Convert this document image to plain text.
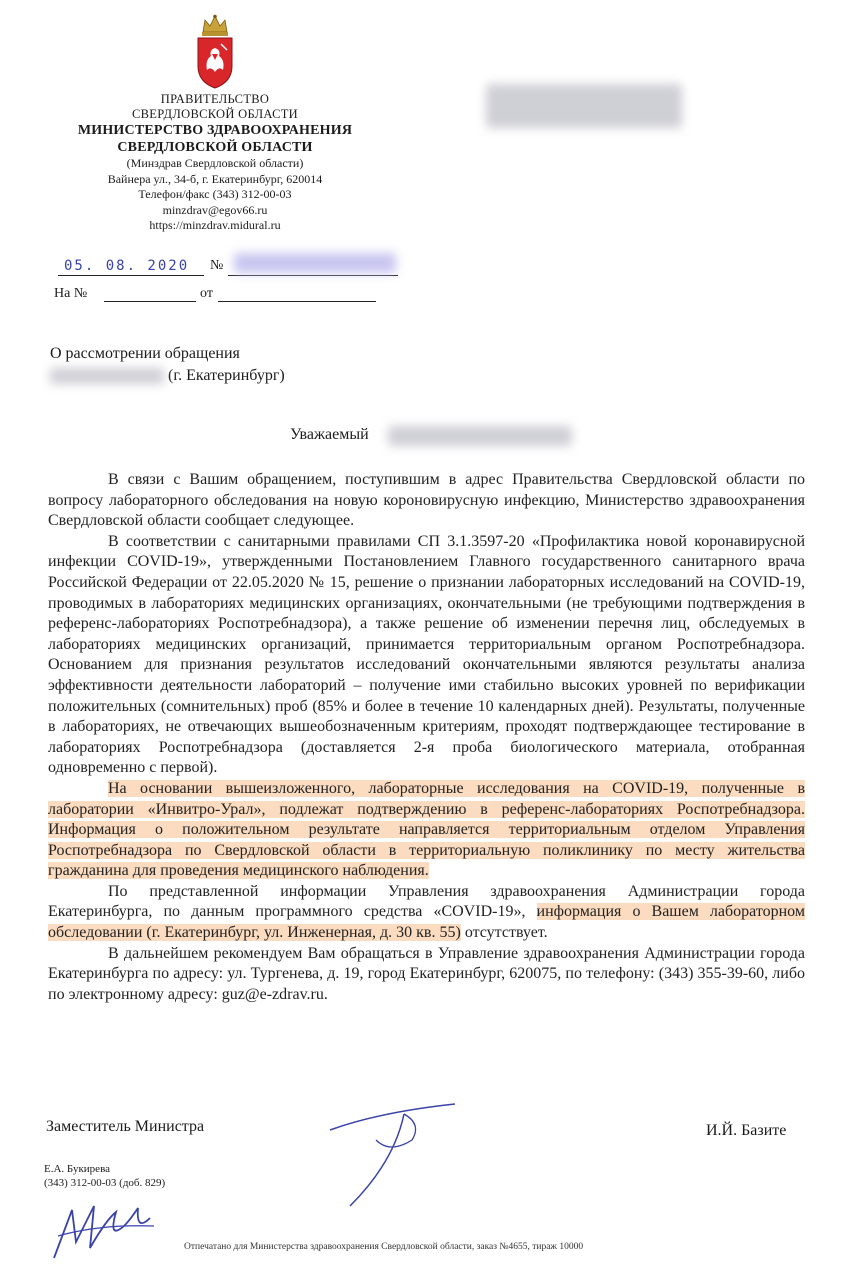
ПРАВИТЕЛЬСТВО
СВЕРДЛОВСКОЙ ОБЛАСТИ
МИНИСТЕРСТВО ЗДРАВООХРАНЕНИЯ
СВЕРДЛОВСКОЙ ОБЛАСТИ
(Минздрав Свердловской области)
Вайнера ул., 34-б, г. Екатеринбург, 620014
Телефон/факс (343) 312-00-03
minzdrav@egov66.ru
https://minzdrav.midural.ru
05. 08. 2020 №
На №	от
О рассмотрении обращения
(г. Екатеринбург)
Уважаемый

В связи с Вашим обращением, поступившим в адрес Правительства Свердловской области по вопросу лабораторного обследования на новую короновирусную инфекцию, Министерство здравоохранения Свердловской области сообщает следующее.

В соответствии с санитарными правилами СП 3.1.3597-20 «Профилактика новой коронавирусной инфекции COVID-19», утвержденными Постановлением Главного государственного санитарного врача Российской Федерации от 22.05.2020 № 15, решение о признании лабораторных исследований на COVID-19, проводимых в лабораториях медицинских организациях, окончательными (не требующими подтверждения в референс-лабораториях Роспотребнадзора), а также решение об изменении перечня лиц, обследуемых в лабораториях медицинских организаций, принимается территориальным органом Роспотребнадзора. Основанием для признания результатов исследований окончательными являются результаты анализа эффективности деятельности лабораторий – получение ими стабильно высоких уровней по верификации положительных (сомнительных) проб (85% и более в течение 10 календарных дней). Результаты, полученные в лабораториях, не отвечающих вышеобозначенным критериям, проходят подтверждающее тестирование в лабораториях Роспотребнадзора (доставляется 2-я проба биологического материала, отобранная одновременно с первой).

На основании вышеизложенного, лабораторные исследования на COVID-19, полученные в лаборатории «Инвитро-Урал», подлежат подтверждению в референс-лабораториях Роспотребнадзора. Информация о положительном результате направляется территориальным отделом Управления Роспотребнадзора по Свердловской области в территориальную поликлинику по месту жительства гражданина для проведения медицинского наблюдения.

По представленной информации Управления здравоохранения Администрации города Екатеринбурга, по данным программного средства «COVID-19», информация о Вашем лабораторном обследовании (г. Екатеринбург, ул. Инженерная, д. 30 кв. 55) отсутствует.

В дальнейшем рекомендуем Вам обращаться в Управление здравоохранения Администрации города Екатеринбурга по адресу: ул. Тургенева, д. 19, город Екатеринбург, 620075, по телефону: (343) 355-39-60, либо по электронному адресу: guz@e-zdrav.ru.

Заместитель Министра	И.Й. Базите
Е.А. Букирева
(343) 312-00-03 (доб. 829)
Отпечатано для Министерства здравоохранения Свердловской области, заказ №4655, тираж 10000
